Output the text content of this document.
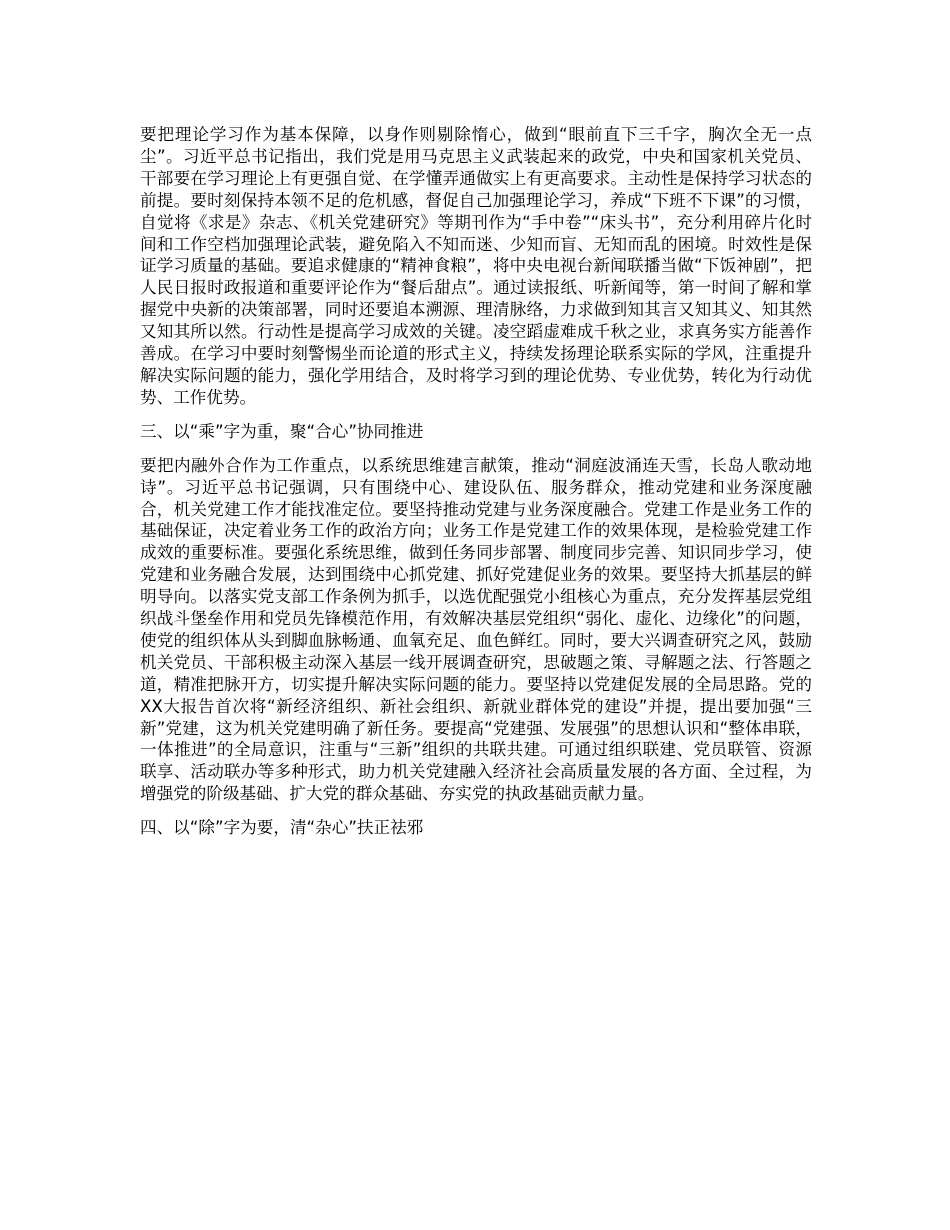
要把理论学习作为基本保障，以身作则剔除惰心，做到“眼前直下三千字，胸次全无一点尘”。习近平总书记指出，我们党是用马克思主义武装起来的政党，中央和国家机关党员、干部要在学习理论上有更强自觉、在学懂弄通做实上有更高要求。主动性是保持学习状态的前提。要时刻保持本领不足的危机感，督促自己加强理论学习，养成“下班不下课”的习惯，自觉将《求是》杂志、《机关党建研究》等期刊作为“手中卷”“床头书”，充分利用碎片化时间和工作空档加强理论武装，避免陷入不知而迷、少知而盲、无知而乱的困境。时效性是保证学习质量的基础。要追求健康的“精神食粮”，将中央电视台新闻联播当做“下饭神剧”，把人民日报时政报道和重要评论作为“餐后甜点”。通过读报纸、听新闻等，第一时间了解和掌握党中央新的决策部署，同时还要追本溯源、理清脉络，力求做到知其言又知其义、知其然又知其所以然。行动性是提高学习成效的关键。凌空蹈虚难成千秋之业，求真务实方能善作善成。在学习中要时刻警惕坐而论道的形式主义，持续发扬理论联系实际的学风，注重提升解决实际问题的能力，强化学用结合，及时将学习到的理论优势、专业优势，转化为行动优势、工作优势。

三、以“乘”字为重，聚“合心”协同推进

要把内融外合作为工作重点，以系统思维建言献策，推动“洞庭波涌连天雪，长岛人歌动地诗”。习近平总书记强调，只有围绕中心、建设队伍、服务群众，推动党建和业务深度融合，机关党建工作才能找准定位。要坚持推动党建与业务深度融合。党建工作是业务工作的基础保证，决定着业务工作的政治方向；业务工作是党建工作的效果体现，是检验党建工作成效的重要标准。要强化系统思维，做到任务同步部署、制度同步完善、知识同步学习，使党建和业务融合发展，达到围绕中心抓党建、抓好党建促业务的效果。要坚持大抓基层的鲜明导向。以落实党支部工作条例为抓手，以选优配强党小组核心为重点，充分发挥基层党组织战斗堡垒作用和党员先锋模范作用，有效解决基层党组织“弱化、虚化、边缘化”的问题，使党的组织体从头到脚血脉畅通、血氧充足、血色鲜红。同时，要大兴调查研究之风，鼓励机关党员、干部积极主动深入基层一线开展调查研究，思破题之策、寻解题之法、行答题之道，精准把脉开方，切实提升解决实际问题的能力。要坚持以党建促发展的全局思路。党的XX大报告首次将“新经济组织、新社会组织、新就业群体党的建设”并提，提出要加强“三新”党建，这为机关党建明确了新任务。要提高“党建强、发展强”的思想认识和“整体串联，一体推进”的全局意识，注重与“三新”组织的共联共建。可通过组织联建、党员联管、资源联享、活动联办等多种形式，助力机关党建融入经济社会高质量发展的各方面、全过程，为增强党的阶级基础、扩大党的群众基础、夯实党的执政基础贡献力量。

四、以“除”字为要，清“杂心”扶正祛邪
